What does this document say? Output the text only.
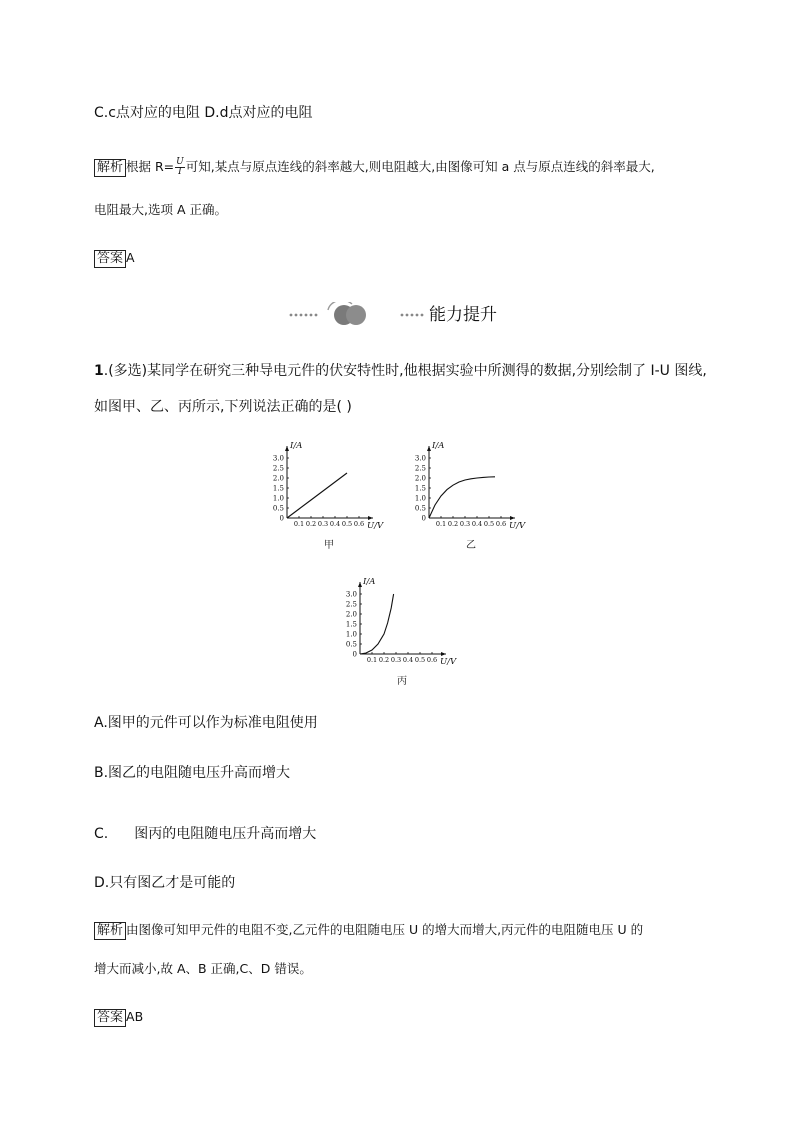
C.c点对应的电阻 D.d点对应的电阻
解析 根据 $R= \frac{U}{I}$ 可知,某点与原点连线的斜率越大,则电阻越大,由图像可知 a 点与原点连线的斜率最大,
电阻最大,选项 A 正确。
答案 A
能力提升
1.(多选)某同学在研究三种导电元件的伏安特性时,他根据实验中所测得的数据,分别绘制了 I-U 图线,
如图甲、乙、丙所示,下列说法正确的是( )
3.0
2.5
2.0
1.5
1.0
0.5
0
0.1 0.2 0.3 0.4 0.5 0.6
I/A
U/V
甲
3.0
2.5
2.0
1.5
1.0
0.5
0
0.1 0.2 0.3 0.4 0.5 0.6
I/A
U/V
乙
3.0
2.5
2.0
1.5
1.0
0.5
0
0.1 0.2 0.3 0.4 0.5 0.6
I/A
U/V
丙
A.图甲的元件可以作为标准电阻使用
B.图乙的电阻随电压升高而增大
C. 图丙的电阻随电压升高而增大
D.只有图乙才是可能的
解析 由图像可知甲元件的电阻不变,乙元件的电阻随电压 U 的增大而增大,丙元件的电阻随电压 U 的
增大而减小,故 A、B 正确,C、D 错误。
答案 AB
